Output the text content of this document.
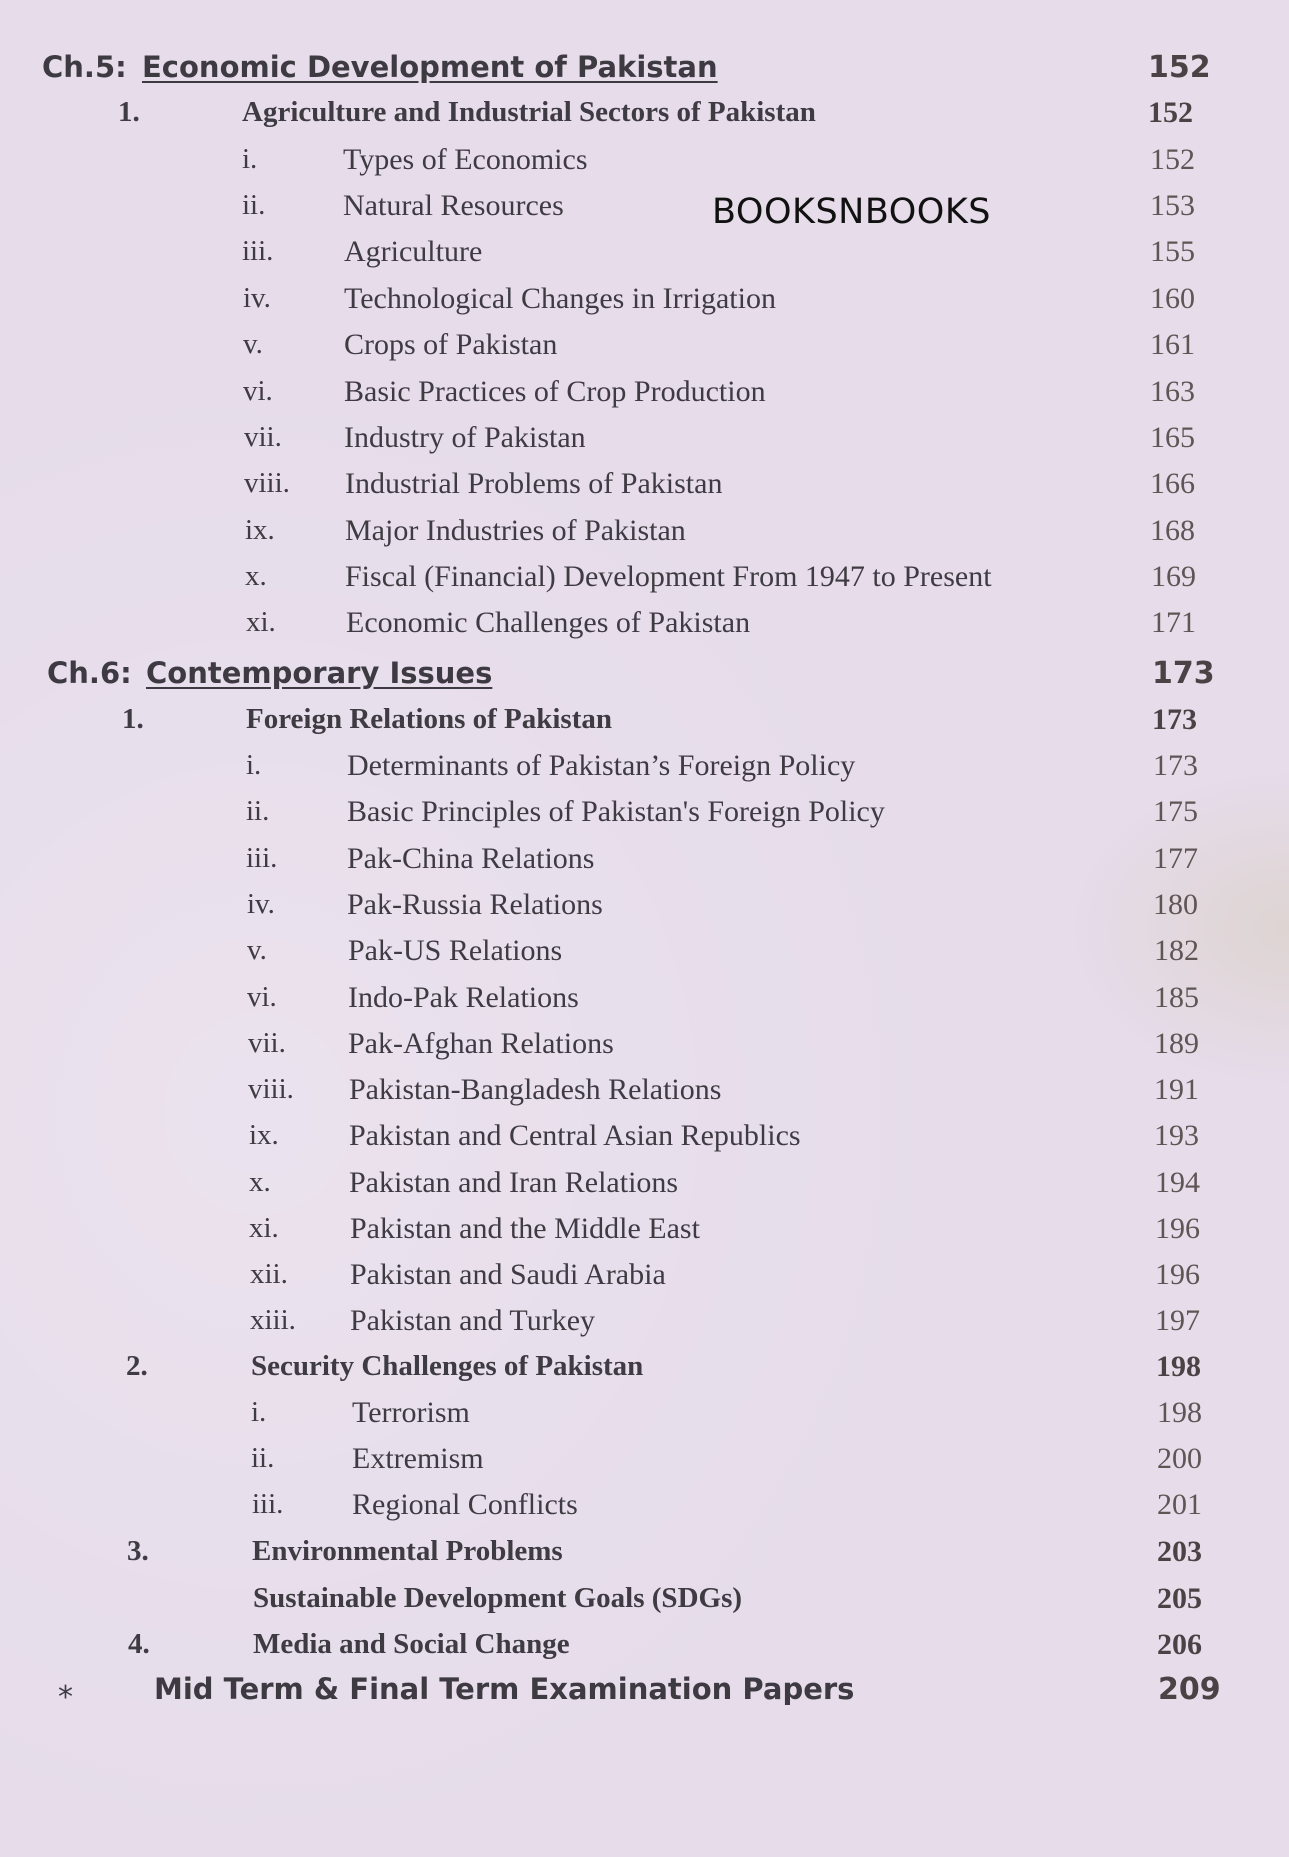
BOOKSNBOOKS
Ch.5: Economic Development of Pakistan	152
1.	Agriculture and Industrial Sectors of Pakistan	152
i.	Types of Economics	152
ii.	Natural Resources	153
iii. Agriculture	155
iv. Technological Changes in Irrigation	160
v.	Crops of Pakistan	161
vi. Basic Practices of Crop Production	163
vii. Industry of Pakistan	165
viii. Industrial Problems of Pakistan	166
ix. Major Industries of Pakistan	168
x.	Fiscal (Financial) Development From 1947 to Present	169
xi. Economic Challenges of Pakistan	171
Ch.6: Contemporary Issues	173
1.	Foreign Relations of Pakistan	173
i.	Determinants of Pakistan’s Foreign Policy	173
ii.	Basic Principles of Pakistan's Foreign Policy	175
iii. Pak-China Relations	177
iv. Pak-Russia Relations	180
v.	Pak-US Relations	182
vi. Indo-Pak Relations	185
vii. Pak-Afghan Relations	189
viii. Pakistan-Bangladesh Relations	191
ix. Pakistan and Central Asian Republics	193
x.	Pakistan and Iran Relations	194
xi. Pakistan and the Middle East	196
xii. Pakistan and Saudi Arabia	196
xiii. Pakistan and Turkey	197
2.	Security Challenges of Pakistan	198
i.	Terrorism	198
ii.	Extremism	200
iii. Regional Conflicts	201
3.	Environmental Problems	203
Sustainable Development Goals (SDGs)	205
4.	Media and Social Change	206
*	Mid Term & Final Term Examination Papers	209
